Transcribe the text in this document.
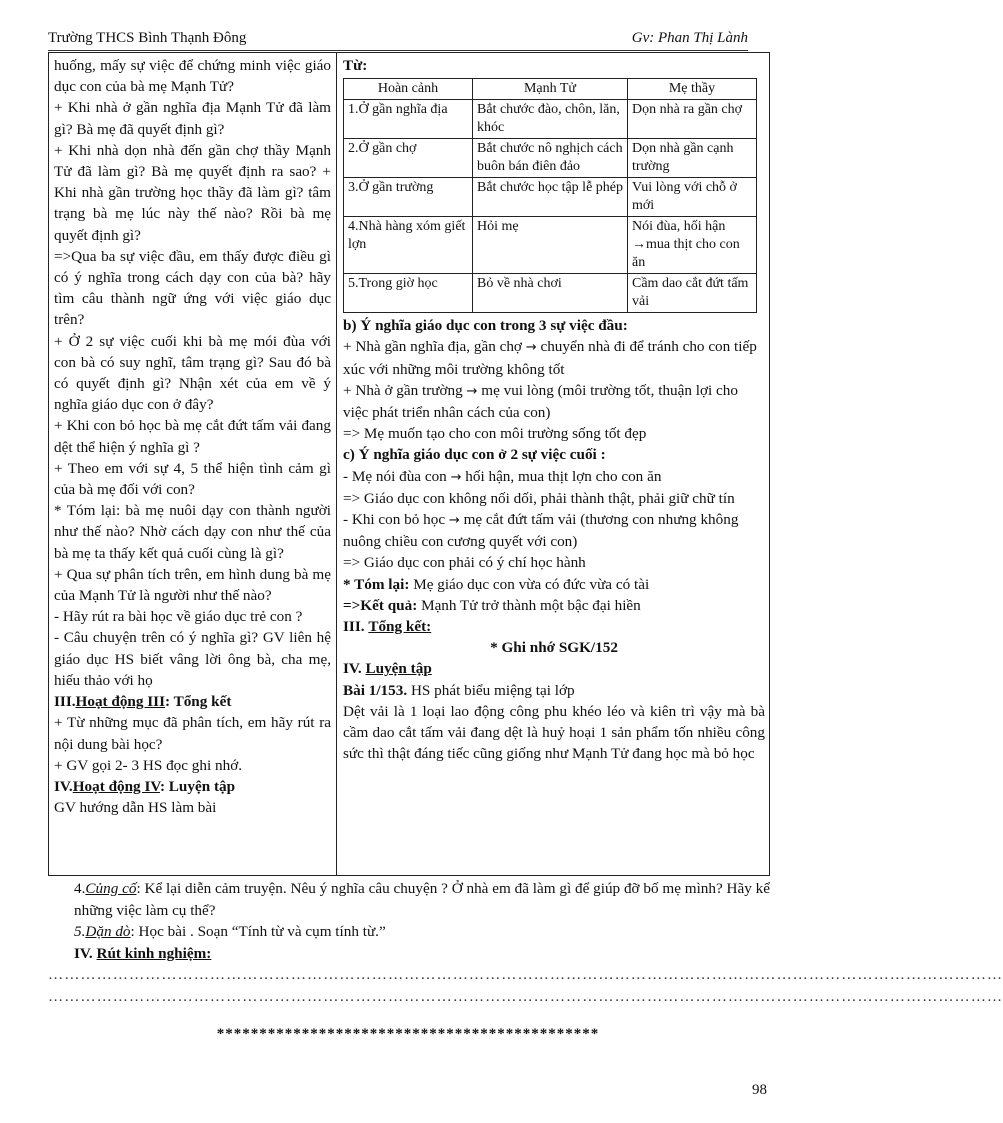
Trường THCS Bình Thạnh Đông	Gv: Phan Thị Lành

huống, mấy sự việc để chứng minh việc giáo dục con của bà mẹ Mạnh Tử?

+ Khi nhà ở gần nghĩa địa Mạnh Tử đã làm gì? Bà mẹ đã quyết định gì?

+ Khi nhà dọn nhà đến gần chợ thầy Mạnh Tử đã làm gì? Bà mẹ quyết định ra sao? + Khi nhà gần trường học thầy đã làm gì? tâm trạng bà mẹ lúc này thế nào? Rồi bà mẹ quyết định gì?

=>Qua ba sự việc đầu, em thấy được điều gì có ý nghĩa trong cách dạy con của bà? hãy tìm câu thành ngữ ứng với việc giáo dục trên?

+ Ở 2 sự việc cuối khi bà mẹ mói đùa với con bà có suy nghĩ, tâm trạng gì? Sau đó bà có quyết định gì? Nhận xét của em về ý nghĩa giáo dục con ở đây?

+ Khi con bỏ học bà mẹ cắt đứt tấm vải đang dệt thể hiện ý nghĩa gì ?

+ Theo em với sự 4, 5 thể hiện tình cảm gì của bà mẹ đối với con?

* Tóm lại: bà mẹ nuôi dạy con thành người như thế nào? Nhờ cách dạy con như thế của bà mẹ ta thấy kết quả cuối cùng là gì?

+ Qua sự phân tích trên, em hình dung bà mẹ của Mạnh Tử là người như thế nào?

- Hãy rút ra bài học về giáo dục trẻ con ?

- Câu chuyện trên có ý nghĩa gì? GV liên hệ giáo dục HS biết vâng lời ông bà, cha mẹ, hiếu thảo với họ

III.Hoạt động III: Tổng kết

+ Từ những mục đã phân tích, em hãy rút ra nội dung bài học?

+ GV gọi 2- 3 HS đọc ghi nhớ.

IV.Hoạt động IV: Luyện tập

GV hướng dẫn HS làm bài

Từ:

Hoàn cảnh	Mạnh Tử	Mẹ thầy
1.Ở gần nghĩa địa	Bắt chước đào, chôn, lăn, khóc	Dọn nhà ra gần chợ
2.Ở gần chợ	Bắt chước nô nghịch cách buôn bán điên đảo	Dọn nhà gần cạnh trường
3.Ở gần trường	Bắt chước học tập lễ phép	Vui lòng với chỗ ở mới
4.Nhà hàng xóm giết lợn	Hỏi mẹ	Nói đùa, hối hận →mua thịt cho con ăn
5.Trong giờ học	Bỏ về nhà chơi	Cầm dao cắt đứt tấm vải

b) Ý nghĩa giáo dục con trong 3 sự việc đầu:

+ Nhà gần nghĩa địa, gần chợ → chuyển nhà đi để tránh cho con tiếp xúc với những môi trường không tốt

+ Nhà ở gần trường → mẹ vui lòng (môi trường tốt, thuận lợi cho việc phát triển nhân cách của con)

=> Mẹ muốn tạo cho con môi trường sống tốt đẹp

c) Ý nghĩa giáo dục con ở 2 sự việc cuối :

- Mẹ nói đùa con → hối hận, mua thịt lợn cho con ăn

=> Giáo dục con không nối dối, phải thành thật, phải giữ chữ tín

- Khi con bỏ học → mẹ cắt đứt tấm vải (thương con nhưng không nuông chiều con cương quyết với con)

=> Giáo dục con phải có ý chí học hành

* Tóm lại: Mẹ giáo dục con vừa có đức vừa có tài

=>Kết quả: Mạnh Tử trở thành một bậc đại hiền

III. Tổng kết:

* Ghi nhớ SGK/152

IV. Luyện tập

Bài 1/153. HS phát biểu miệng tại lớp

Dệt vải là 1 loại lao động công phu khéo léo và kiên trì vậy mà bà cầm dao cắt tấm vải đang dệt là huỷ hoại 1 sản phẩm tốn nhiều công sức thì thật đáng tiếc cũng giống như Mạnh Tử đang học mà bỏ học

4.Củng cố: Kể lại diễn cảm truyện. Nêu ý nghĩa câu chuyện ? Ở nhà em đã làm gì để giúp đỡ bố mẹ mình? Hãy kể những việc làm cụ thể?

5.Dặn dò: Học bài . Soạn “Tính từ và cụm tính từ.”

IV. Rút kinh nghiệm:

……………………………………………………………………………………………………………………………………………………………

……………………………………………………………………………………………………………………………………………………………

*********************************************
98
